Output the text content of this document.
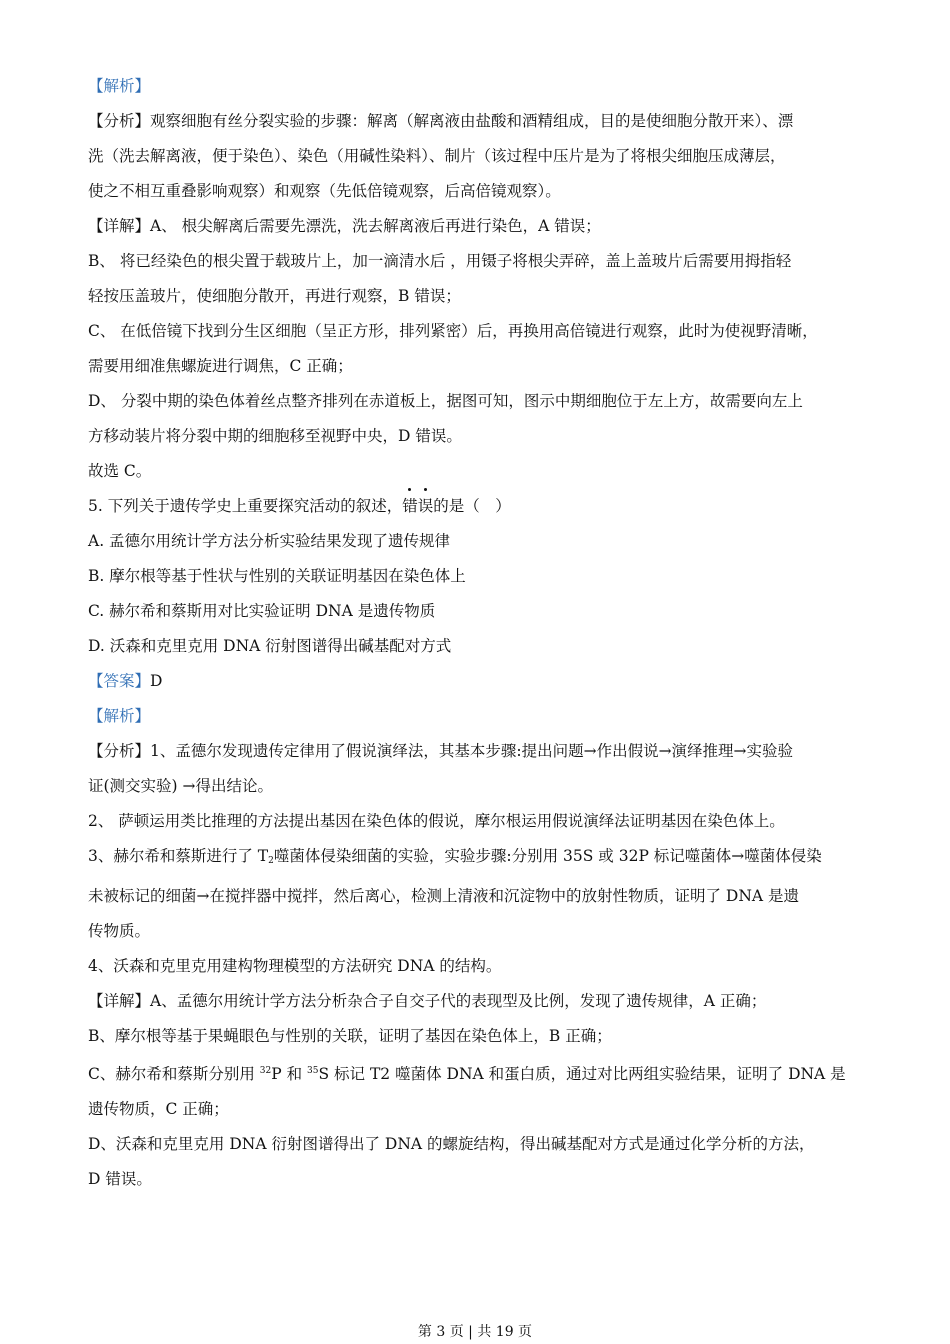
【解析】

【分析】观察细胞有丝分裂实验的步骤：解离（解离液由盐酸和酒精组成，目的是使细胞分散开来）、漂

洗（洗去解离液，便于染色）、染色（用碱性染料）、制片（该过程中压片是为了将根尖细胞压成薄层，

使之不相互重叠影响观察）和观察（先低倍镜观察，后高倍镜观察）。

【详解】A、 根尖解离后需要先漂洗，洗去解离液后再进行染色，A 错误；

B、 将已经染色的根尖置于载玻片上，加一滴清水后 ，用镊子将根尖弄碎，盖上盖玻片后需要用拇指轻

轻按压盖玻片，使细胞分散开，再进行观察，B 错误；

C、 在低倍镜下找到分生区细胞（呈正方形，排列紧密）后，再换用高倍镜进行观察，此时为使视野清晰，

需要用细准焦螺旋进行调焦，C 正确；

D、 分裂中期的染色体着丝点整齐排列在赤道板上，据图可知，图示中期细胞位于左上方，故需要向左上

方移动装片将分裂中期的细胞移至视野中央，D 错误。

故选 C。

5. 下列关于遗传学史上重要探究活动的叙述，错误的是（　）

A. 孟德尔用统计学方法分析实验结果发现了遗传规律

B. 摩尔根等基于性状与性别的关联证明基因在染色体上

C. 赫尔希和蔡斯用对比实验证明 DNA 是遗传物质

D. 沃森和克里克用 DNA 衍射图谱得出碱基配对方式

【答案】D

【解析】

【分析】1、孟德尔发现遗传定律用了假说演绎法，其基本步骤:提出问题→作出假说→演绎推理→实验验

证(测交实验) →得出结论。

2、 萨顿运用类比推理的方法提出基因在染色体的假说，摩尔根运用假说演绎法证明基因在染色体上。

3、赫尔希和蔡斯进行了 $T_2$噬菌体侵染细菌的实验，实验步骤:分别用 35S 或 32P 标记噬菌体→噬菌体侵染

未被标记的细菌→在搅拌器中搅拌，然后离心，检测上清液和沉淀物中的放射性物质，证明了 DNA 是遗

传物质。

4、沃森和克里克用建构物理模型的方法研究 DNA 的结构。

【详解】A、孟德尔用统计学方法分析杂合子自交子代的表现型及比例，发现了遗传规律，A 正确；

B、摩尔根等基于果蝇眼色与性别的关联，证明了基因在染色体上，B 正确；

C、赫尔希和蔡斯分别用 $^{32}$P 和 $^{35}$S 标记 T2 噬菌体 DNA 和蛋白质，通过对比两组实验结果，证明了 DNA 是

遗传物质，C 正确；

D、沃森和克里克用 DNA 衍射图谱得出了 DNA 的螺旋结构，得出碱基配对方式是通过化学分析的方法，

D 错误。

第 3 页 | 共 19 页
